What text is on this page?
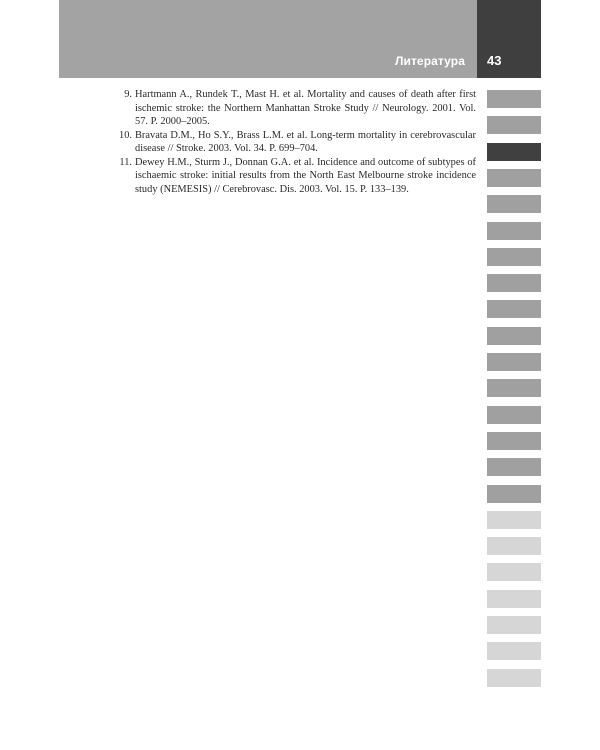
Литература 43
9. Hartmann A., Rundek T., Mast H. et al. Mortality and causes of death after first ischemic stroke: the Northern Manhattan Stroke Study // Neurology. 2001. Vol. 57. P. 2000–2005.
10. Bravata D.M., Ho S.Y., Brass L.M. et al. Long-term mortality in cerebrovascular disease // Stroke. 2003. Vol. 34. P. 699–704.
11. Dewey H.M., Sturm J., Donnan G.A. et al. Incidence and outcome of subtypes of ischaemic stroke: initial results from the North East Melbourne stroke incidence study (NEMESIS) // Cerebrovasc. Dis. 2003. Vol. 15. P. 133–139.
